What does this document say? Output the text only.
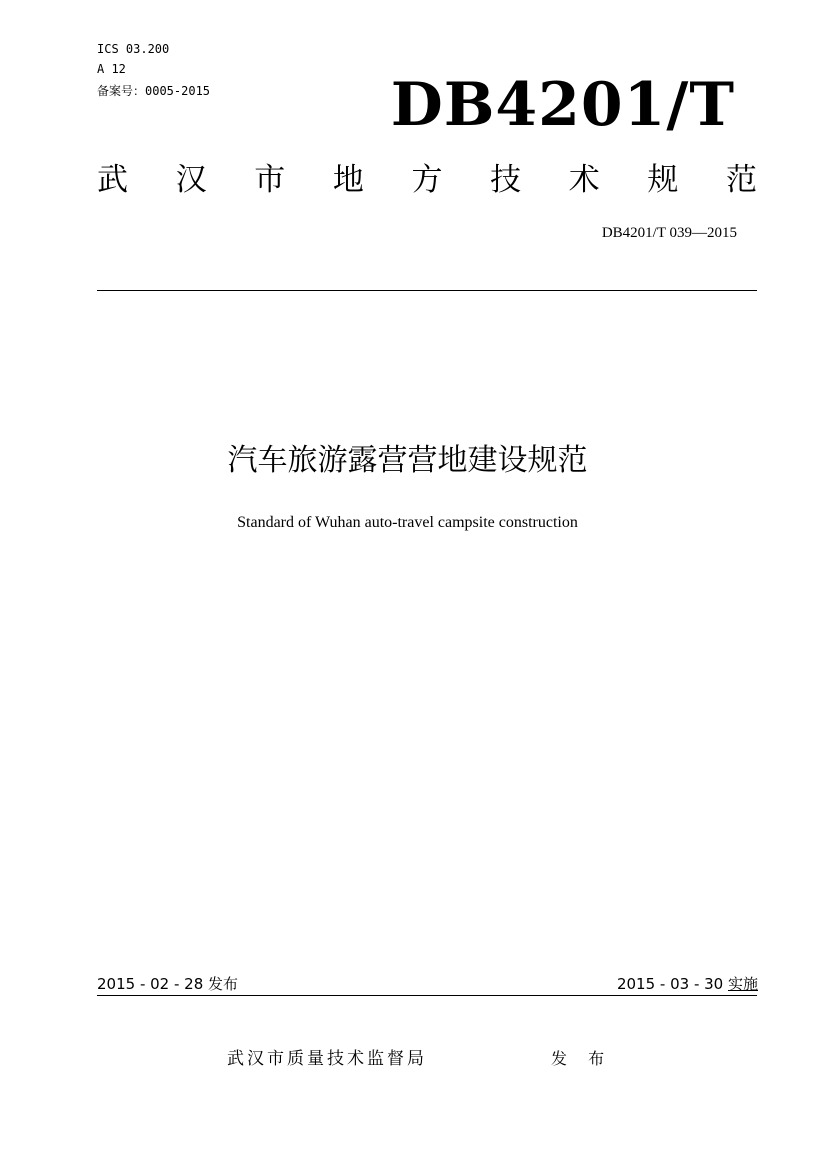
ICS 03.200
A 12
备案号：0005-2015	DB4201/T
武 汉 市 地 方 技 术 规 范
DB4201/T 039—2015
汽车旅游露营营地建设规范
Standard of Wuhan auto-travel campsite construction
2015 - 02 - 28 发布	2015 - 03 - 30 实施
武汉市质量技术监督局	发 布
